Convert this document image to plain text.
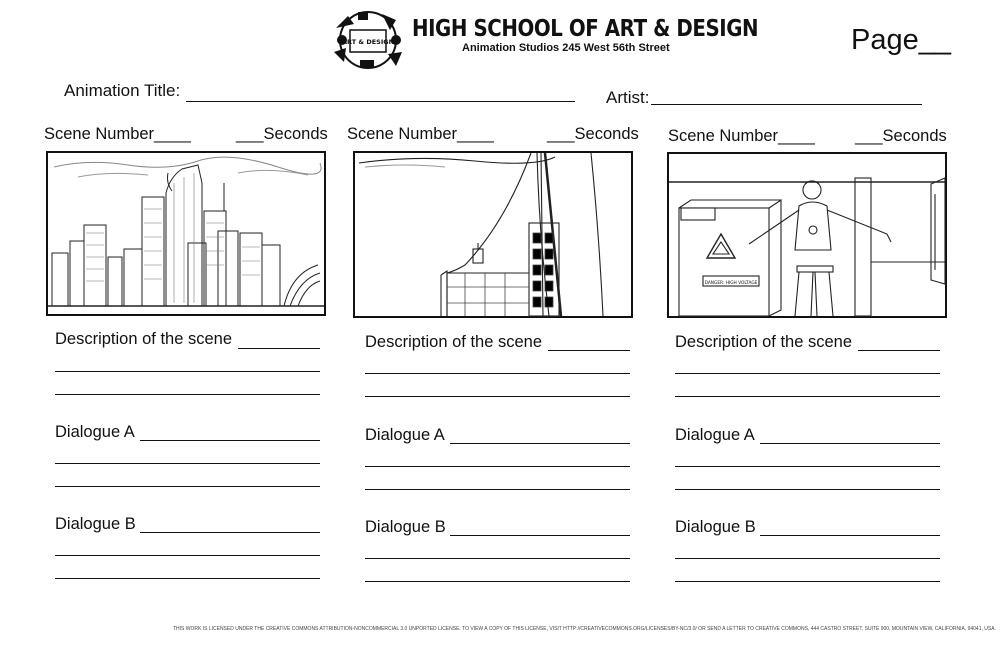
ART & DESIGN HIGH SCHOOL OF ART & DESIGN
Animation Studios 245 West 56th Street	Page__
Animation Title:	Artist:
Scene Number____	___Seconds
Description of the scene
Dialogue A
Dialogue B
Scene Number____	___Seconds
Description of the scene
Dialogue A
Dialogue B
Scene Number____ ___Seconds
DANGER: HIGH VOLTAGE
Description of the scene
Dialogue A
Dialogue B
THIS WORK IS LICENSED UNDER THE CREATIVE COMMONS ATTRIBUTION-NONCOMMERCIAL 3.0 UNPORTED LICENSE. TO VIEW A COPY OF THIS LICENSE, VISIT HTTP://CREATIVECOMMONS.ORG/LICENSES/BY-NC/3.0/ OR SEND A LETTER TO CREATIVE COMMONS, 444 CASTRO STREET, SUITE 900, MOUNTAIN VIEW, CALIFORNIA, 94041, USA.
